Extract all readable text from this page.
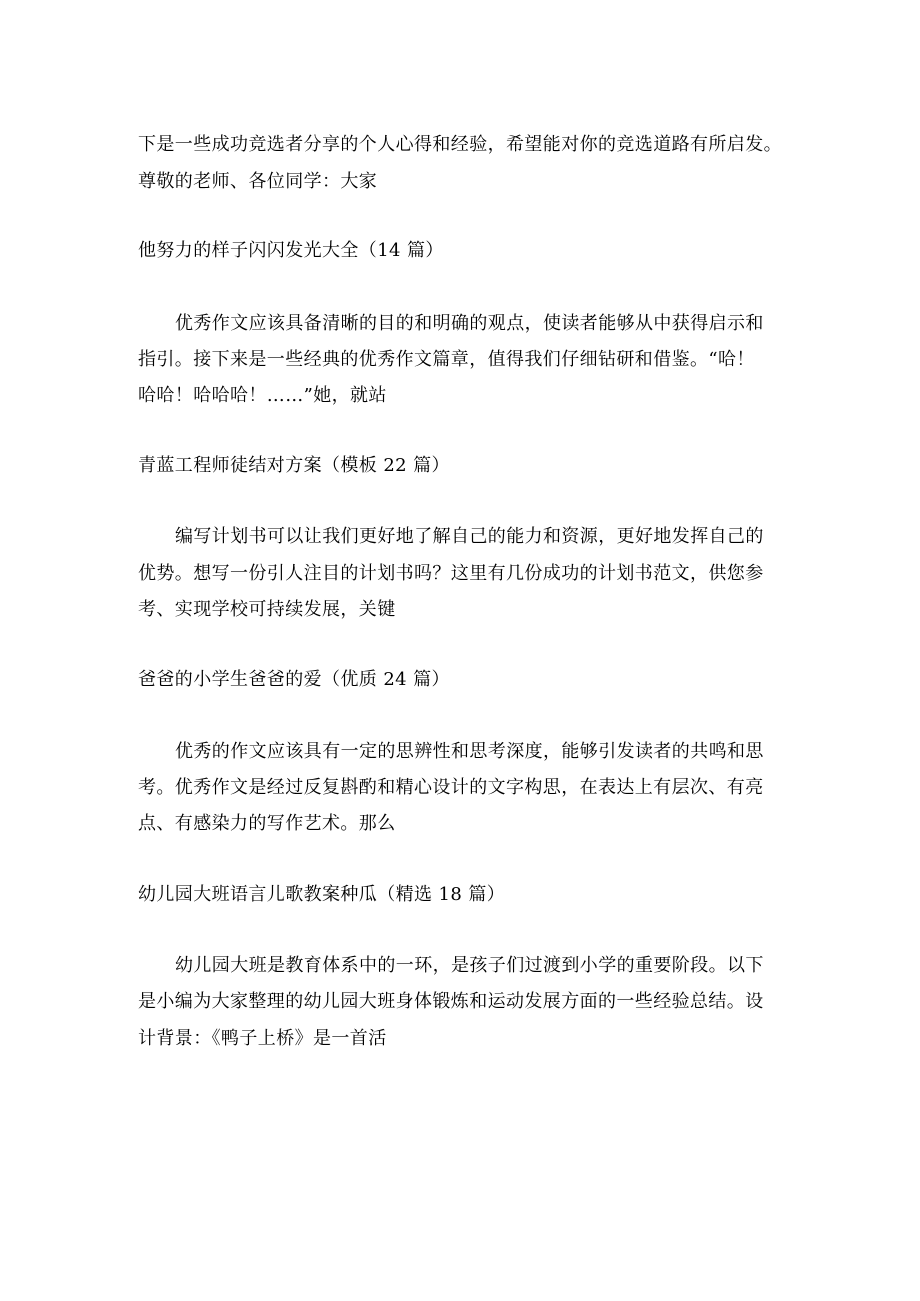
下是一些成功竞选者分享的个人心得和经验，希望能对你的竞选道路有所启发。
尊敬的老师、各位同学：大家
他努力的样子闪闪发光大全（14 篇）
优秀作文应该具备清晰的目的和明确的观点，使读者能够从中获得启示和
指引。接下来是一些经典的优秀作文篇章，值得我们仔细钻研和借鉴。“哈！
哈哈！哈哈哈！……”她，就站
青蓝工程师徒结对方案（模板 22 篇）
编写计划书可以让我们更好地了解自己的能力和资源，更好地发挥自己的
优势。想写一份引人注目的计划书吗？这里有几份成功的计划书范文，供您参
考、实现学校可持续发展，关键
爸爸的小学生爸爸的爱（优质 24 篇）
优秀的作文应该具有一定的思辨性和思考深度，能够引发读者的共鸣和思
考。优秀作文是经过反复斟酌和精心设计的文字构思，在表达上有层次、有亮
点、有感染力的写作艺术。那么
幼儿园大班语言儿歌教案种瓜（精选 18 篇）
幼儿园大班是教育体系中的一环，是孩子们过渡到小学的重要阶段。以下
是小编为大家整理的幼儿园大班身体锻炼和运动发展方面的一些经验总结。设
计背景：《鸭子上桥》是一首活
